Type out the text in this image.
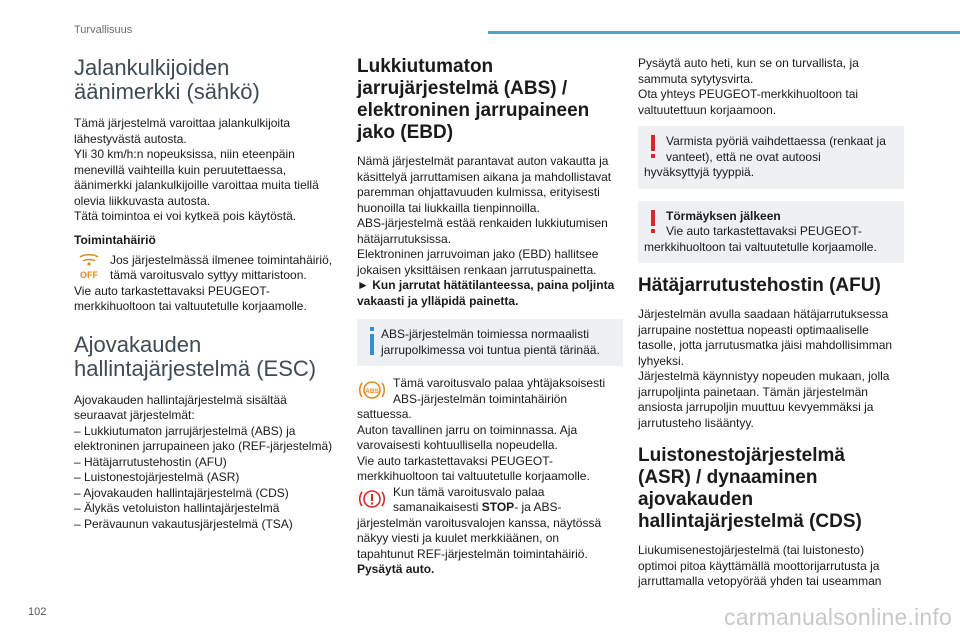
Turvallisuus
Jalankulkijoiden
äänimerkki (sähkö)

Tämä järjestelmä varoittaa jalankulkijoita
lähestyvästä autosta.
Yli 30 km/h:n nopeuksissa, niin eteenpäin
menevillä vaihteilla kuin peruutettaessa,
äänimerkki jalankulkijoille varoittaa muita tiellä
olevia liikkuvasta autosta.
Tätä toimintoa ei voi kytkeä pois käytöstä.

Toimintahäiriö
OFF

Jos järjestelmässä ilmenee toimintahäiriö,
tämä varoitusvalo syttyy mittaristoon.
Vie auto tarkastettavaksi PEUGEOT-
merkkihuoltoon tai valtuutetulle korjaamolle.

Ajovakauden
hallintajärjestelmä (ESC)

Ajovakauden hallintajärjestelmä sisältää
seuraavat järjestelmät:
– Lukkiutumaton jarrujärjestelmä (ABS) ja
elektroninen jarrupaineen jako (REF-järjestelmä)
– Hätäjarrutustehostin (AFU)
– Luistonestojärjestelmä (ASR)
– Ajovakauden hallintajärjestelmä (CDS)
– Älykäs vetoluiston hallintajärjestelmä
– Perävaunun vakautusjärjestelmä (TSA)

Lukkiutumaton
jarrujärjestelmä (ABS) /
elektroninen jarrupaineen
jako (EBD)

Nämä järjestelmät parantavat auton vakautta ja
käsittelyä jarruttamisen aikana ja mahdollistavat
paremman ohjattavuuden kulmissa, erityisesti
huonoilla tai liukkailla tienpinnoilla.
ABS-järjestelmä estää renkaiden lukkiutumisen
hätäjarrutuksissa.
Elektroninen jarruvoiman jako (EBD) hallitsee
jokaisen yksittäisen renkaan jarrutuspainetta.

► Kun jarrutat hätätilanteessa, paina poljinta
vakaasti ja ylläpidä painetta.

ABS-järjestelmän toimiessa normaalisti
jarrupolkimessa voi tuntua pientä tärinää.
ABS

Tämä varoitusvalo palaa yhtäjaksoisesti
ABS-järjestelmän toimintahäiriön
sattuessa.
Auton tavallinen jarru on toiminnassa. Aja
varovaisesti kohtuullisella nopeudella.
Vie auto tarkastettavaksi PEUGEOT-
merkkihuoltoon tai valtuutetulle korjaamolle.

Kun tämä varoitusvalo palaa
samanaikaisesti STOP- ja ABS-
järjestelmän varoitusvalojen kanssa, näytössä
näkyy viesti ja kuulet merkkiäänen, on
tapahtunut REF-järjestelmän toimintahäiriö.
Pysäytä auto.

Pysäytä auto heti, kun se on turvallista, ja
sammuta sytytysvirta.
Ota yhteys PEUGEOT-merkkihuoltoon tai
valtuutettuun korjaamoon.

Varmista pyöriä vaihdettaessa (renkaat ja
vanteet), että ne ovat autoosi
hyväksyttyjä tyyppiä.
Törmäyksen jälkeen
Vie auto tarkastettavaksi PEUGEOT-
merkkihuoltoon tai valtuutetulle korjaamolle.
Hätäjarrutustehostin (AFU)

Järjestelmän avulla saadaan hätäjarrutuksessa
jarrupaine nostettua nopeasti optimaaliselle
tasolle, jotta jarrutusmatka jäisi mahdollisimman
lyhyeksi.
Järjestelmä käynnistyy nopeuden mukaan, jolla
jarrupoljinta painetaan. Tämän järjestelmän
ansiosta jarrupoljin muuttuu kevyemmäksi ja
jarrutusteho lisääntyy.

Luistonestojärjestelmä
(ASR) / dynaaminen
ajovakauden
hallintajärjestelmä (CDS)

Liukumisenestojärjestelmä (tai luistonesto)
optimoi pitoa käyttämällä moottorijarrutusta ja
jarruttamalla vetopyörää yhden tai useamman

102	carmanualsonline.info
